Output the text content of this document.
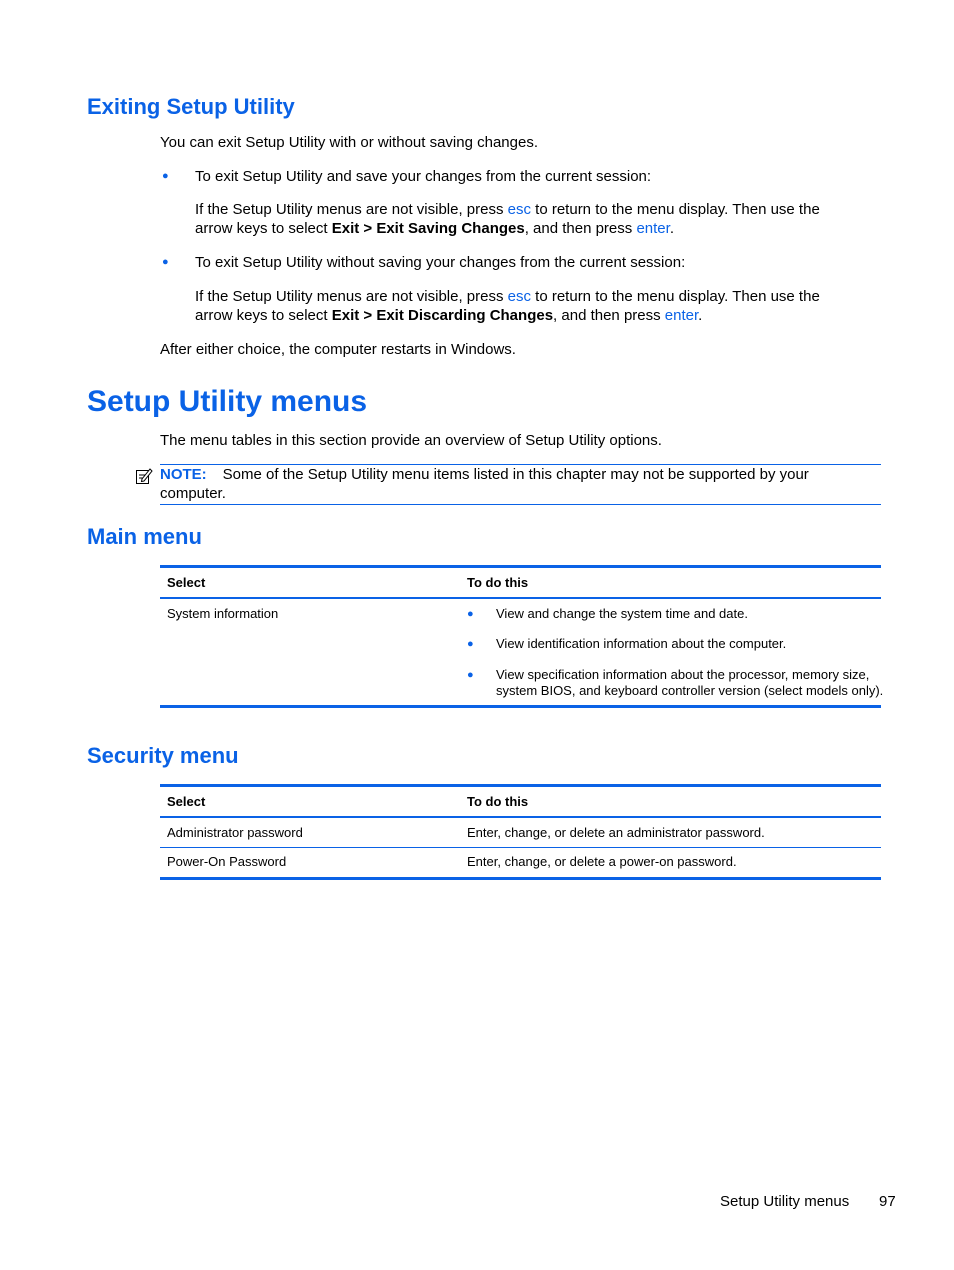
Exiting Setup Utility
You can exit Setup Utility with or without saving changes.
● To exit Setup Utility and save your changes from the current session:
If the Setup Utility menus are not visible, press esc to return to the menu display. Then use the
arrow keys to select Exit > Exit Saving Changes, and then press enter.
● To exit Setup Utility without saving your changes from the current session:
If the Setup Utility menus are not visible, press esc to return to the menu display. Then use the
arrow keys to select Exit > Exit Discarding Changes, and then press enter.
After either choice, the computer restarts in Windows.
Setup Utility menus
The menu tables in this section provide an overview of Setup Utility options.
NOTE: Some of the Setup Utility menu items listed in this chapter may not be supported by your
computer.
Main menu
Select	To do this
System information	● View and change the system time and date.
● View identification information about the computer.
● View specification information about the processor, memory size,
system BIOS, and keyboard controller version (select models only).
Security menu
Select	To do this
Administrator password	Enter, change, or delete an administrator password.
Power-On Password	Enter, change, or delete a power-on password.
Setup Utility menus 97
